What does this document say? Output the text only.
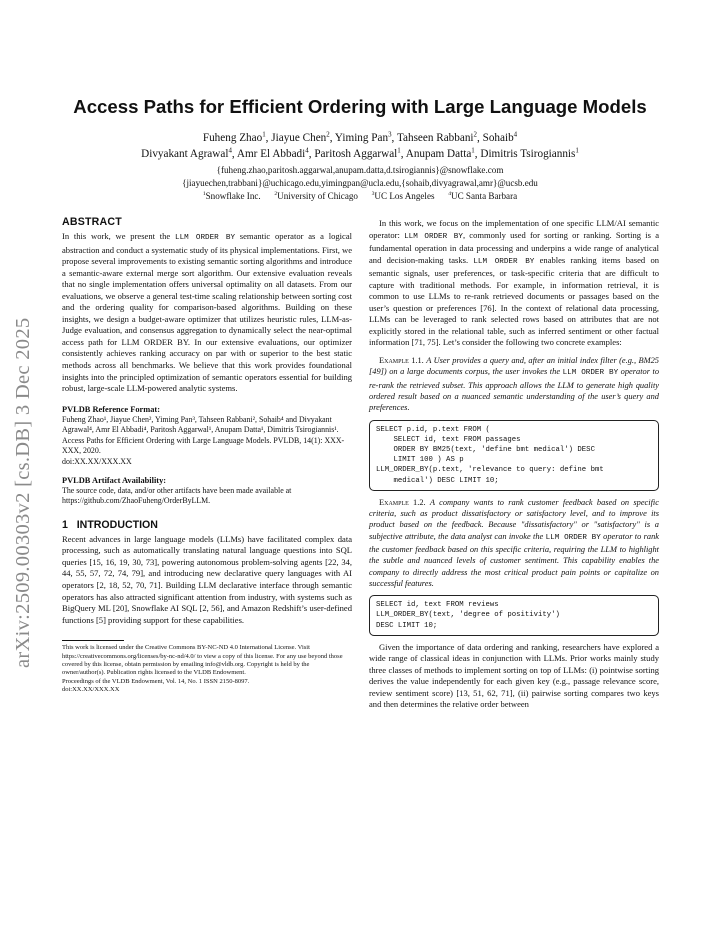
arXiv:2509.00303v2 [cs.DB] 3 Dec 2025
Access Paths for Efficient Ordering with Large Language Models
Fuheng Zhao$^1$, Jiayue Chen$^2$, Yiming Pan$^3$, Tahseen Rabbani$^2$, Sohaib$^4$
Divyakant Agrawal$^4$, Amr El Abbadi$^4$, Paritosh Aggarwal$^1$, Anupam Datta$^1$, Dimitris Tsirogiannis$^1$
{fuheng.zhao,paritosh.aggarwal,anupam.datta,d.tsirogiannis}@snowflake.com
{jiayuechen,trabbani}@uchicago.edu,yimingpan@ucla.edu,{sohaib,divyagrawal,amr}@ucsb.edu
$^1$Snowflake Inc.   $^2$University of Chicago   $^3$UC Los Angeles   $^4$UC Santa Barbara
ABSTRACT

In this work, we present the LLM ORDER BY semantic operator as a logical abstraction and conduct a systematic study of its physical implementations. First, we propose several improvements to existing semantic sorting algorithms and introduce a semantic-aware external merge sort algorithm. Our extensive evaluation reveals that no single implementation offers universal optimality on all datasets. From our evaluations, we observe a general test-time scaling relationship between sorting cost and the ordering quality for comparison-based algorithms. Building on these insights, we design a budget-aware optimizer that utilizes heuristic rules, LLM-as-Judge evaluation, and consensus aggregation to dynamically select the near-optimal access path for LLM ORDER BY. In our extensive evaluations, our optimizer consistently achieves ranking accuracy on par with or superior to the best static methods across all benchmarks. We believe that this work provides foundational insights into the principled optimization of semantic operators essential for building robust, large-scale LLM-powered analytic systems.

PVLDB Reference Format:

Fuheng Zhao¹, Jiayue Chen², Yiming Pan³, Tahseen Rabbani², Sohaib⁴ and Divyakant Agrawal⁴, Amr El Abbadi⁴, Paritosh Aggarwal¹, Anupam Datta¹, Dimitris Tsirogiannis¹. Access Paths for Efficient Ordering with Large Language Models. PVLDB, 14(1): XXX-XXX, 2020.
doi:XX.XX/XXX.XX

PVLDB Artifact Availability:

The source code, data, and/or other artifacts have been made available at https://github.com/ZhaoFuheng/OrderByLLM.

1   INTRODUCTION

Recent advances in large language models (LLMs) have facilitated complex data processing, such as automatically translating natural language questions into SQL queries [15, 16, 19, 30, 73], powering autonomous problem-solving agents [22, 34, 44, 55, 57, 72, 74, 79], and introducing new declarative query languages with AI operators [2, 18, 52, 70, 71]. Building LLM declarative interface through semantic operators has also attracted significant attention from industry, with systems such as BigQuery ML [20], Snowflake AI SQL [2, 56], and Amazon Redshift’s user-defined functions [5] providing support for these capabilities.

This work is licensed under the Creative Commons BY-NC-ND 4.0 International License. Visit https://creativecommons.org/licenses/by-nc-nd/4.0/ to view a copy of this license. For any use beyond those covered by this license, obtain permission by emailing info@vldb.org. Copyright is held by the owner/author(s). Publication rights licensed to the VLDB Endowment.

Proceedings of the VLDB Endowment, Vol. 14, No. 1 ISSN 2150-8097.

doi:XX.XX/XXX.XX

In this work, we focus on the implementation of one specific LLM/AI semantic operator: LLM ORDER BY, commonly used for sorting or ranking. Sorting is a fundamental operation in data processing and underpins a wide range of analytical and decision-making tasks. LLM ORDER BY enables ranking items based on semantic signals, user preferences, or task-specific criteria that are difficult to capture with traditional methods. For example, in information retrieval, it is common to use LLMs to re-rank retrieved documents or passages based on the user’s question or preferences [76]. In the context of relational data processing, LLMs can be leveraged to rank selected rows based on attributes that are not explicitly stored in the relational table, such as inferred sentiment or other factual information [71, 75]. Let’s consider the following two concrete examples:

Example 1.1. A User provides a query and, after an initial index filter (e.g., BM25 [49]) on a large documents corpus, the user invokes the LLM ORDER BY operator to re-rank the retrieved subset. This approach allows the LLM to generate high quality ordered result based on a nuanced semantic understanding of the user’s query and preferences.

SELECT p.id, p.text FROM (
SELECT id, text FROM passages
ORDER BY BM25(text, 'define bmt medical') DESC
LIMIT 100 ) AS p
LLM_ORDER_BY(p.text, 'relevance to query: define bmt
medical') DESC LIMIT 10;

Example 1.2. A company wants to rank customer feedback based on specific criteria, such as product dissatisfactory or satisfactory level, and to improve its product based on the feedback. Because "dissatisfactory" or "satisfactory" is a subjective attribute, the data analyst can invoke the LLM ORDER BY operator to rank the customer feedback based on this specific criteria, requiring the LLM to highlight the subtle and nuanced levels of customer sentiment. This capability enables the company to directly address the most critical product pain points or capitalize on successful features.

SELECT id, text FROM reviews
LLM_ORDER_BY(text, 'degree of positivity')
DESC LIMIT 10;

Given the importance of data ordering and ranking, researchers have explored a wide range of classical ideas in conjunction with LLMs. Prior works mainly study three classes of methods to implement sorting on top of LLMs: (i) pointwise sorting derives the value independently for each given key (e.g., passage relevance score, review sentiment score) [13, 51, 62, 71], (ii) pairwise sorting compares two keys and then determines the relative order between
